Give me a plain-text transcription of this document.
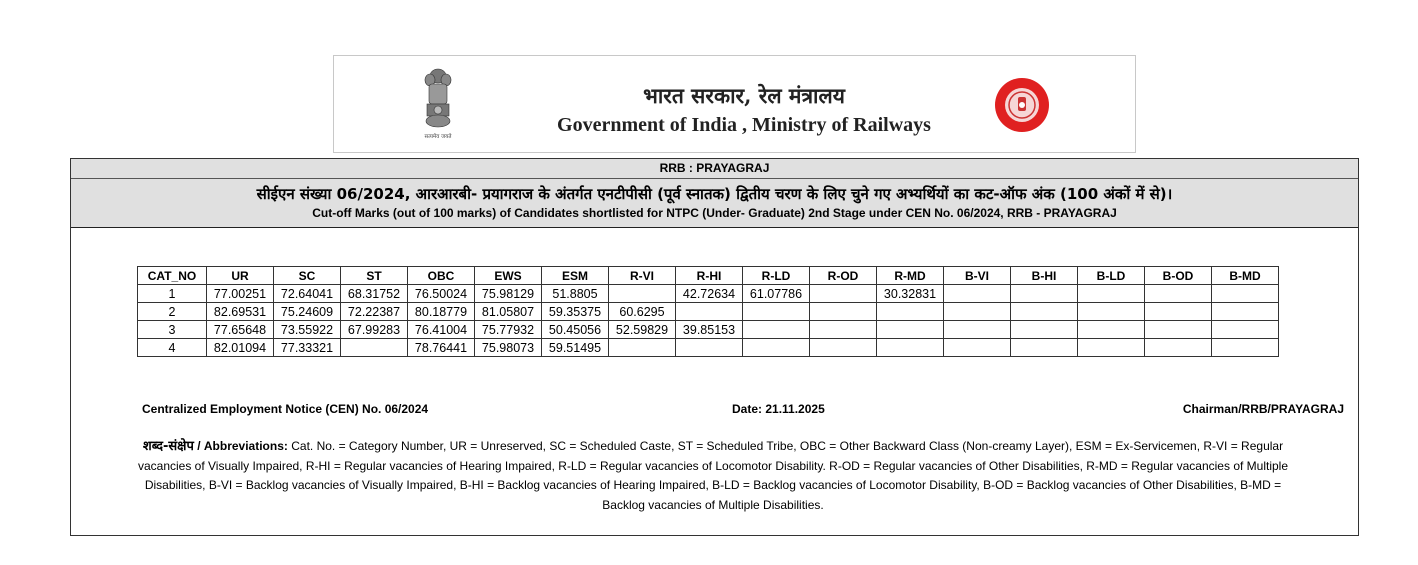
सत्यमेव जयते
भारत सरकार, रेल मंत्रालय
Government of India , Ministry of Railways
RRB : PRAYAGRAJ
सीईएन संख्या 06/2024, आरआरबी- प्रयागराज के अंतर्गत एनटीपीसी (पूर्व स्नातक) द्वितीय चरण के लिए चुने गए अभ्यर्थियों का कट-ऑफ अंक (100 अंकों में से)।
Cut-off Marks (out of 100 marks) of Candidates shortlisted for NTPC (Under- Graduate) 2nd Stage under CEN No. 06/2024, RRB - PRAYAGRAJ
CAT_NO	UR	SC	ST	OBC	EWS	ESM	R-VI	R-HI	R-LD	R-OD	R-MD	B-VI	B-HI	B-LD	B-OD	B-MD
1	77.00251	72.64041	68.31752	76.50024	75.98129	51.8805		42.72634	61.07786		30.32831					
2	82.69531	75.24609	72.22387	80.18779	81.05807	59.35375	60.6295									
3	77.65648	73.55922	67.99283	76.41004	75.77932	50.45056	52.59829	39.85153								
4	82.01094	77.33321		78.76441	75.98073	59.51495										
Centralized Employment Notice (CEN) No. 06/2024	Date: 21.11.2025	Chairman/RRB/PRAYAGRAJ
शब्द-संक्षेप / Abbreviations: Cat. No. = Category Number, UR = Unreserved, SC = Scheduled Caste, ST = Scheduled Tribe, OBC = Other Backward Class (Non-creamy Layer), ESM = Ex-Servicemen, R-VI = Regular vacancies of Visually Impaired, R-HI = Regular vacancies of Hearing Impaired, R-LD = Regular vacancies of Locomotor Disability. R-OD = Regular vacancies of Other Disabilities, R-MD = Regular vacancies of Multiple Disabilities, B-VI = Backlog vacancies of Visually Impaired, B-HI = Backlog vacancies of Hearing Impaired, B-LD = Backlog vacancies of Locomotor Disability, B-OD = Backlog vacancies of Other Disabilities, B-MD = Backlog vacancies of Multiple Disabilities.
